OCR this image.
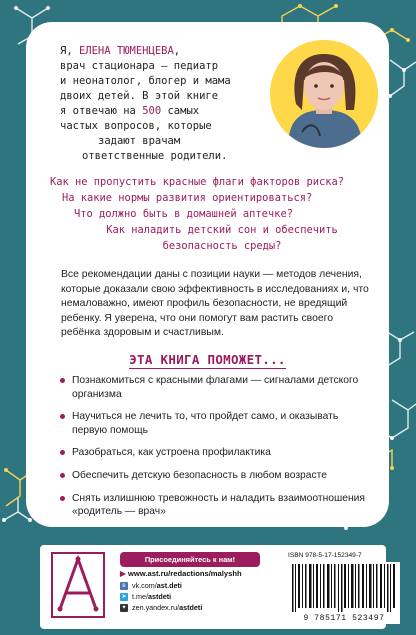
Я, ЕЛЕНА ТЮМЕНЦЕВА,
врач стационара — педиатр
и неонатолог, блогер и мама
двоих детей. В этой книге
я отвечаю на 500 самых
частых вопросов, которые
задают врачам
ответственные родители.
Как не пропустить красные флаги факторов риска?
На какие нормы развития ориентироваться?
Что должно быть в домашней аптечке?
Как наладить детский сон и обеспечить безопасность среды?
Все рекомендации даны с позиции науки — методов лечения, которые доказали свою эффективность в исследованиях и, что немаловажно, имеют профиль безопасности, не вредящий ребенку. Я уверена, что они помогут вам растить своего ребёнка здоровым и счастливым.
ЭТА КНИГА ПОМОЖЕТ...
Познакомиться с красными флагами — сигналами детского организма
Научиться не лечить то, что пройдет само, и оказывать первую помощь
Разобраться, как устроена профилактика
Обеспечить детскую безопасность в любом возрасте
Снять излишнюю тревожность и наладить взаимоотношения «родитель — врач»
Присоединяйтесь к нам!
▶ www.ast.ru/redactions/malyshh
в vk.com/ ast.deti
➤ t.me/ astdeti
✦ zen.yandex.ru/ astdeti
ISBN 978-5-17-152349-7
9 785171 523497
